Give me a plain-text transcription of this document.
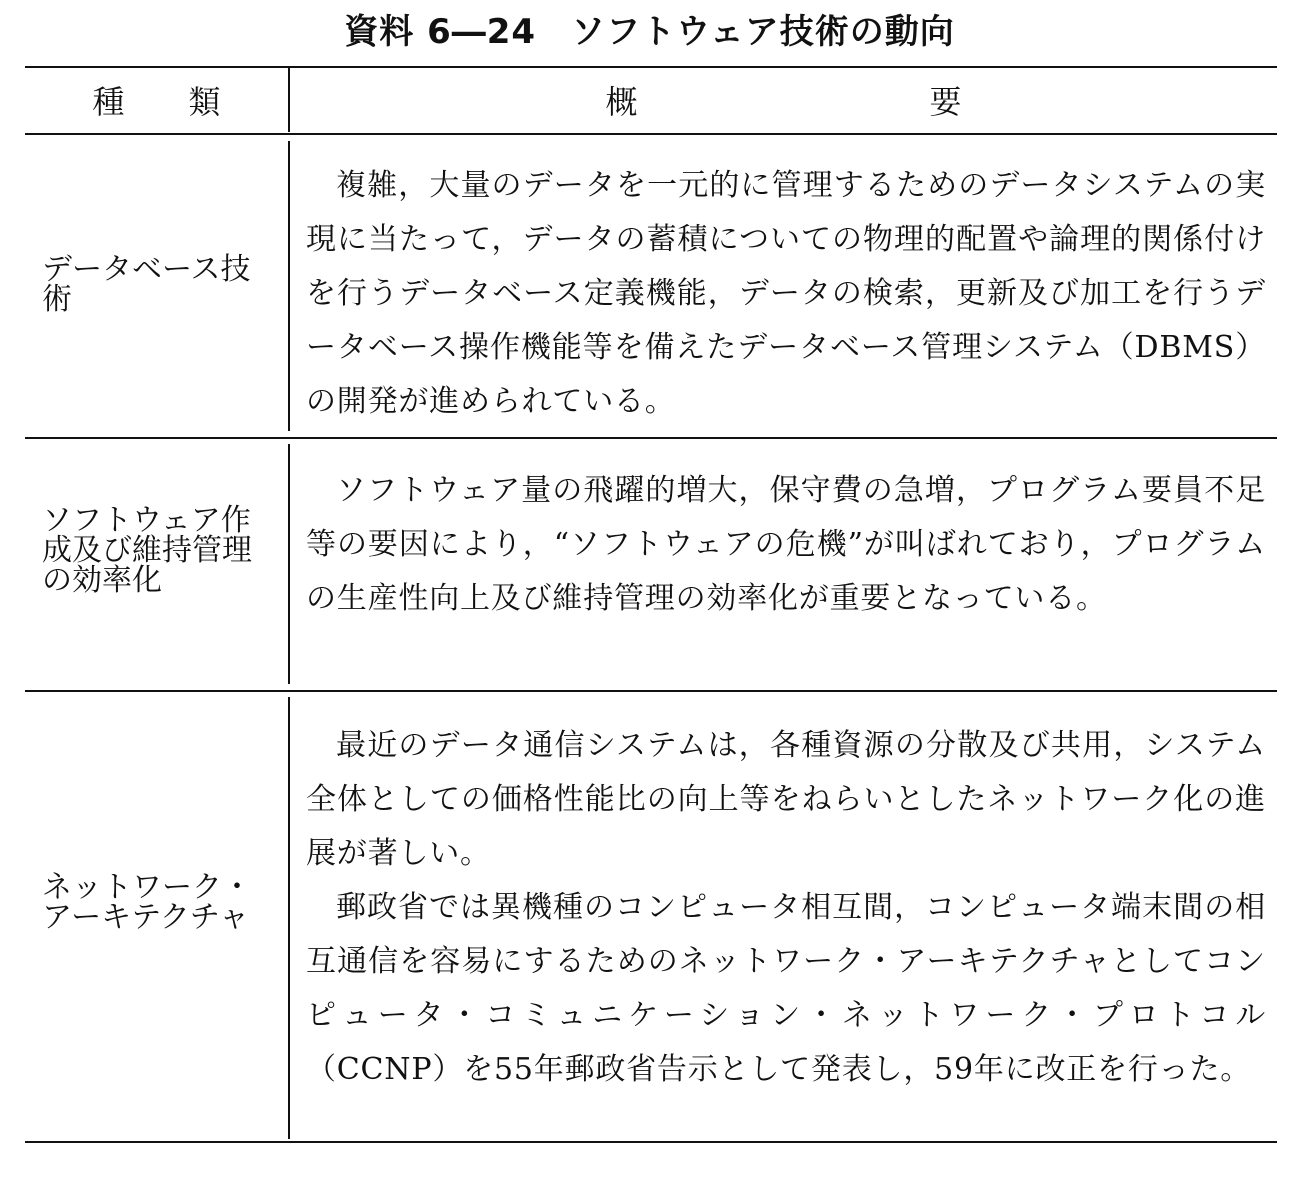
資料 6―24　ソフトウェア技術の動向
種 類	概	要
データベース技
術

複雑，大量のデータを一元的に管理するためのデータシステムの実現に当たって，データの蓄積についての物理的配置や論理的関係付けを行うデータベース定義機能，データの検索，更新及び加工を行うデータベース操作機能等を備えたデータベース管理システム（DBMS）の開発が進められている。

ソフトウェア作
成及び維持管理
の効率化

ソフトウェア量の飛躍的増大，保守費の急増，プログラム要員不足等の要因により，“ソフトウェアの危機”が叫ばれており，プログラムの生産性向上及び維持管理の効率化が重要となっている。

ネットワーク・
アーキテクチャ

最近のデータ通信システムは，各種資源の分散及び共用，システム全体としての価格性能比の向上等をねらいとしたネットワーク化の進展が著しい。

郵政省では異機種のコンピュータ相互間，コンピュータ端末間の相互通信を容易にするためのネットワーク・アーキテクチャとしてコンピュータ・コミュニケーション・ネットワーク・プロトコル（CCNP）を55年郵政省告示として発表し，59年に改正を行った。
